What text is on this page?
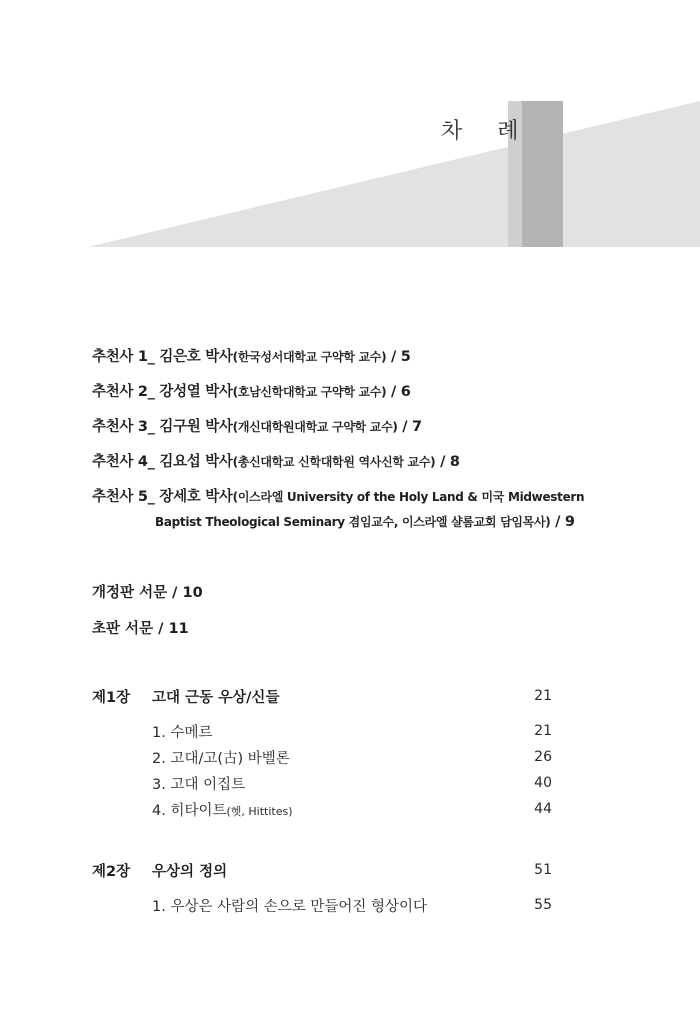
차 례
추천사 1_ 김은호 박사(한국성서대학교 구약학 교수) / 5
추천사 2_ 강성열 박사(호남신학대학교 구약학 교수) / 6
추천사 3_ 김구원 박사(개신대학원대학교 구약학 교수) / 7
추천사 4_ 김요섭 박사(총신대학교 신학대학원 역사신학 교수) / 8
추천사 5_ 장세호 박사(이스라엘 University of the Holy Land & 미국 Midwestern
Baptist Theological Seminary 겸임교수, 이스라엘 샬롬교회 담임목사) / 9
개정판 서문 / 10
초판 서문 / 11
제1장 고대 근동 우상/신들	21
1. 수메르	21
2. 고대/고(古) 바벨론	26
3. 고대 이집트	40
4. 히타이트(헷, Hittites)	44
제2장 우상의 정의	51
1. 우상은 사람의 손으로 만들어진 형상이다	55
